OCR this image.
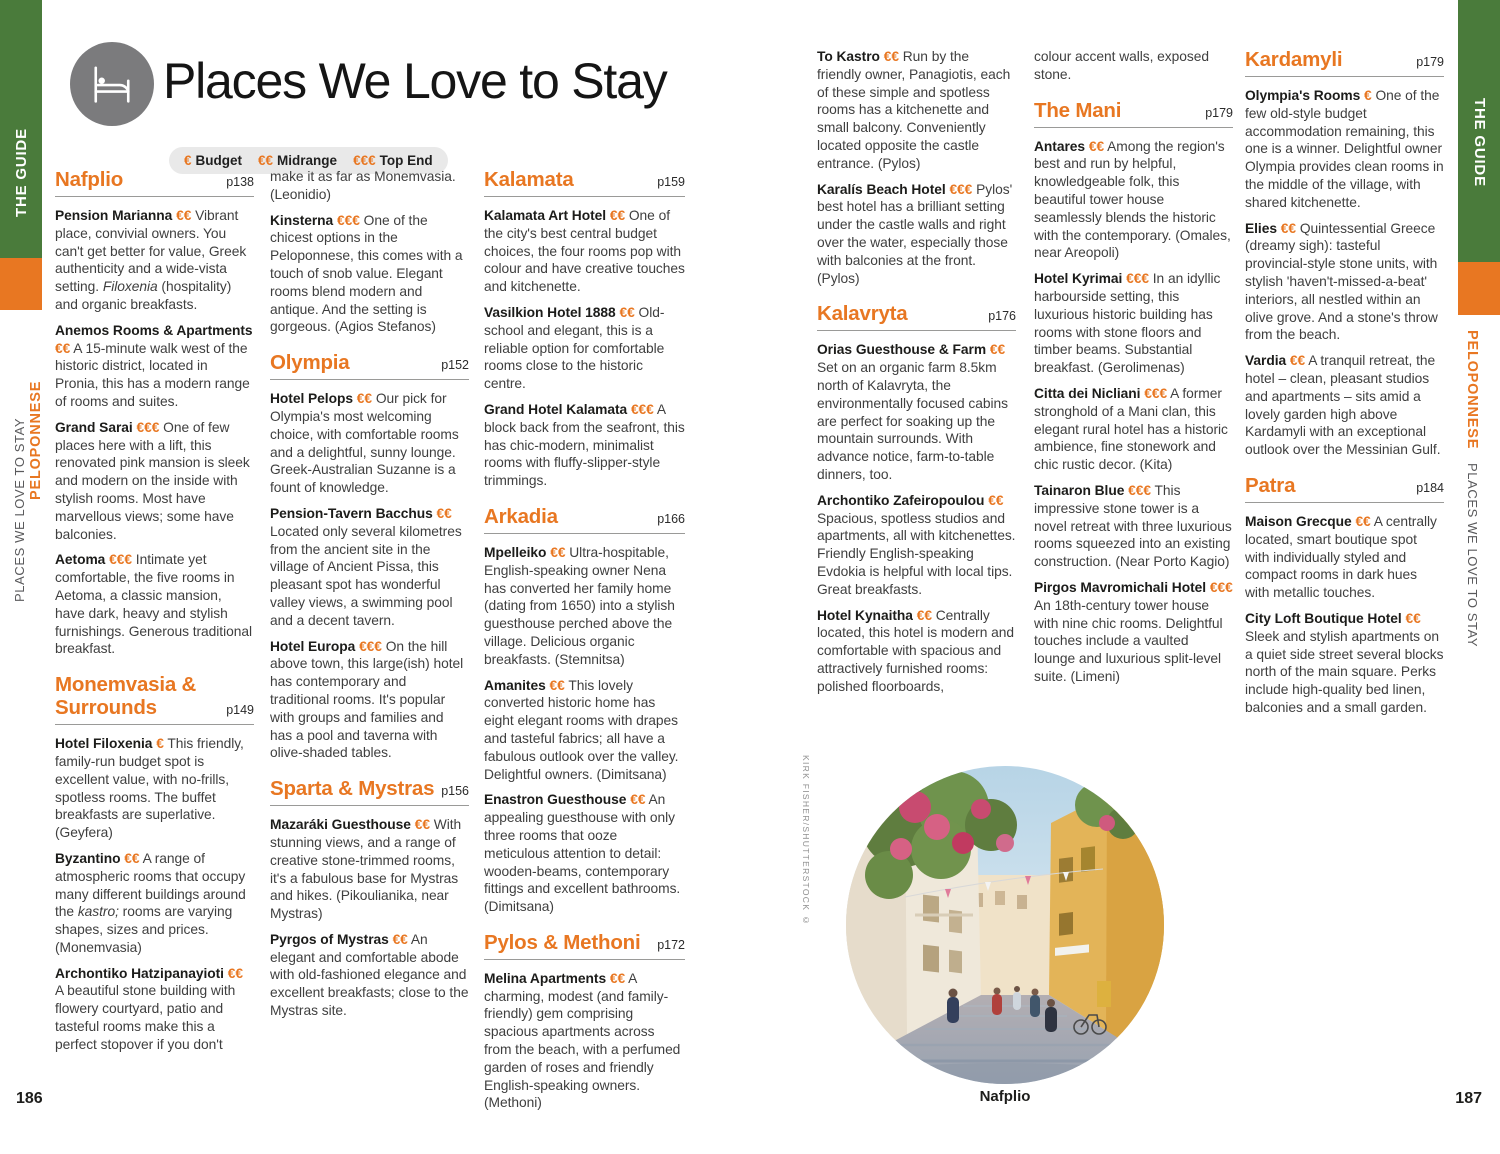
THE GUIDE
PELOPONNESE
PLACES WE LOVE TO STAY
THE GUIDE
PELOPONNESEPLACES WE LOVE TO STAY
Places We Love to Stay
€ Budget €€ Midrange €€€ Top End
Nafplio	p138

Pension Marianna €€ Vibrant place, convivial owners. You can't get better for value, Greek authenticity and a wide-vista setting. Filoxenia (hospitality) and organic breakfasts.

Anemos Rooms & Apartments €€ A 15-minute walk west of the historic district, located in Pronia, this has a modern range of rooms and suites.

Grand Sarai €€€ One of few places here with a lift, this renovated pink mansion is sleek and modern on the inside with stylish rooms. Most have marvellous views; some have balconies.

Aetoma €€€ Intimate yet comfortable, the five rooms in Aetoma, a classic mansion, have dark, heavy and stylish furnishings. Generous traditional breakfast.

Monemvasia & Surrounds	p149

Hotel Filoxenia € This friendly, family-run budget spot is excellent value, with no-frills, spotless rooms. The buffet breakfasts are superlative. (Geyfera)

Byzantino €€ A range of atmospheric rooms that occupy many different buildings around the kastro; rooms are varying shapes, sizes and prices. (Monemvasia)

Archontiko Hatzipanayioti €€ A beautiful stone building with flowery courtyard, patio and tasteful rooms make this a perfect stopover if you don't

make it as far as Monemvasia. (Leonidio)

Kinsterna €€€ One of the chicest options in the Peloponnese, this comes with a touch of snob value. Elegant rooms blend modern and antique. And the setting is gorgeous. (Agios Stefanos)

Olympia	p152

Hotel Pelops €€ Our pick for Olympia's most welcoming choice, with comfortable rooms and a delightful, sunny lounge. Greek-Australian Suzanne is a fount of knowledge.

Pension-Tavern Bacchus €€ Located only several kilometres from the ancient site in the village of Ancient Pissa, this pleasant spot has wonderful valley views, a swimming pool and a decent tavern.

Hotel Europa €€€ On the hill above town, this large(ish) hotel has contemporary and traditional rooms. It's popular with groups and families and has a pool and taverna with olive-shaded tables.

Sparta & Mystras p156

Mazaráki Guesthouse €€ With stunning views, and a range of creative stone-trimmed rooms, it's a fabulous base for Mystras and hikes. (Pikoulianika, near Mystras)

Pyrgos of Mystras €€ An elegant and comfortable abode with old-fashioned elegance and excellent breakfasts; close to the Mystras site.

Kalamata	p159

Kalamata Art Hotel €€ One of the city's best central budget choices, the four rooms pop with colour and have creative touches and kitchenette.

Vasilkion Hotel 1888 €€ Old-school and elegant, this is a reliable option for comfortable rooms close to the historic centre.

Grand Hotel Kalamata €€€ A block back from the seafront, this has chic-modern, minimalist rooms with fluffy-slipper-style trimmings.

Arkadia	p166

Mpelleiko €€ Ultra-hospitable, English-speaking owner Nena has converted her family home (dating from 1650) into a stylish guesthouse perched above the village. Delicious organic breakfasts. (Stemnitsa)

Amanites €€ This lovely converted historic home has eight elegant rooms with drapes and tasteful fabrics; all have a fabulous outlook over the valley. Delightful owners. (Dimitsana)

Enastron Guesthouse €€ An appealing guesthouse with only three rooms that ooze meticulous attention to detail: wooden-beams, contemporary fittings and excellent bathrooms. (Dimitsana)

Pylos & Methoni p172

Melina Apartments €€ A charming, modest (and family-friendly) gem comprising spacious apartments across from the beach, with a perfumed garden of roses and friendly English-speaking owners. (Methoni)

To Kastro €€ Run by the friendly owner, Panagiotis, each of these simple and spotless rooms has a kitchenette and small balcony. Conveniently located opposite the castle entrance. (Pylos)

Karalís Beach Hotel €€€ Pylos' best hotel has a brilliant setting under the castle walls and right over the water, especially those with balconies at the front. (Pylos)

Kalavryta	p176

Orias Guesthouse & Farm €€ Set on an organic farm 8.5km north of Kalavryta, the environmentally focused cabins are perfect for soaking up the mountain surrounds. With advance notice, farm-to-table dinners, too.

Archontiko Zafeiropoulou €€ Spacious, spotless studios and apartments, all with kitchenettes. Friendly English-speaking Evdokia is helpful with local tips. Great breakfasts.

Hotel Kynaitha €€ Centrally located, this hotel is modern and comfortable with spacious and attractively furnished rooms: polished floorboards,

colour accent walls, exposed stone.

The Mani	p179

Antares €€ Among the region's best and run by helpful, knowledgeable folk, this beautiful tower house seamlessly blends the historic with the contemporary. (Omales, near Areopoli)

Hotel Kyrimai €€€ In an idyllic harbourside setting, this luxurious historic building has rooms with stone floors and timber beams. Substantial breakfast. (Gerolimenas)

Citta dei Nicliani €€€ A former stronghold of a Mani clan, this elegant rural hotel has a historic ambience, fine stonework and chic rustic decor. (Kita)

Tainaron Blue €€€ This impressive stone tower is a novel retreat with three luxurious rooms squeezed into an existing construction. (Near Porto Kagio)

Pirgos Mavromichali Hotel €€€ An 18th-century tower house with nine chic rooms. Delightful touches include a vaulted lounge and luxurious split-level suite. (Limeni)

Kardamyli	p179

Olympia's Rooms € One of the few old-style budget accommodation remaining, this one is a winner. Delightful owner Olympia provides clean rooms in the middle of the village, with shared kitchenette.

Elies €€ Quintessential Greece (dreamy sigh): tasteful provincial-style stone units, with stylish 'haven't-missed-a-beat' interiors, all nestled within an olive grove. And a stone's throw from the beach.

Vardia €€ A tranquil retreat, the hotel – clean, pleasant studios and apartments – sits amid a lovely garden high above Kardamyli with an exceptional outlook over the Messinian Gulf.

Patra	p184

Maison Grecque €€ A centrally located, smart boutique spot with individually styled and compact rooms in dark hues with metallic touches.

City Loft Boutique Hotel €€ Sleek and stylish apartments on a quiet side street several blocks north of the main square. Perks include high-quality bed linen, balconies and a small garden.

KIRK FISHER/SHUTTERSTOCK ©
Nafplio
186	187
